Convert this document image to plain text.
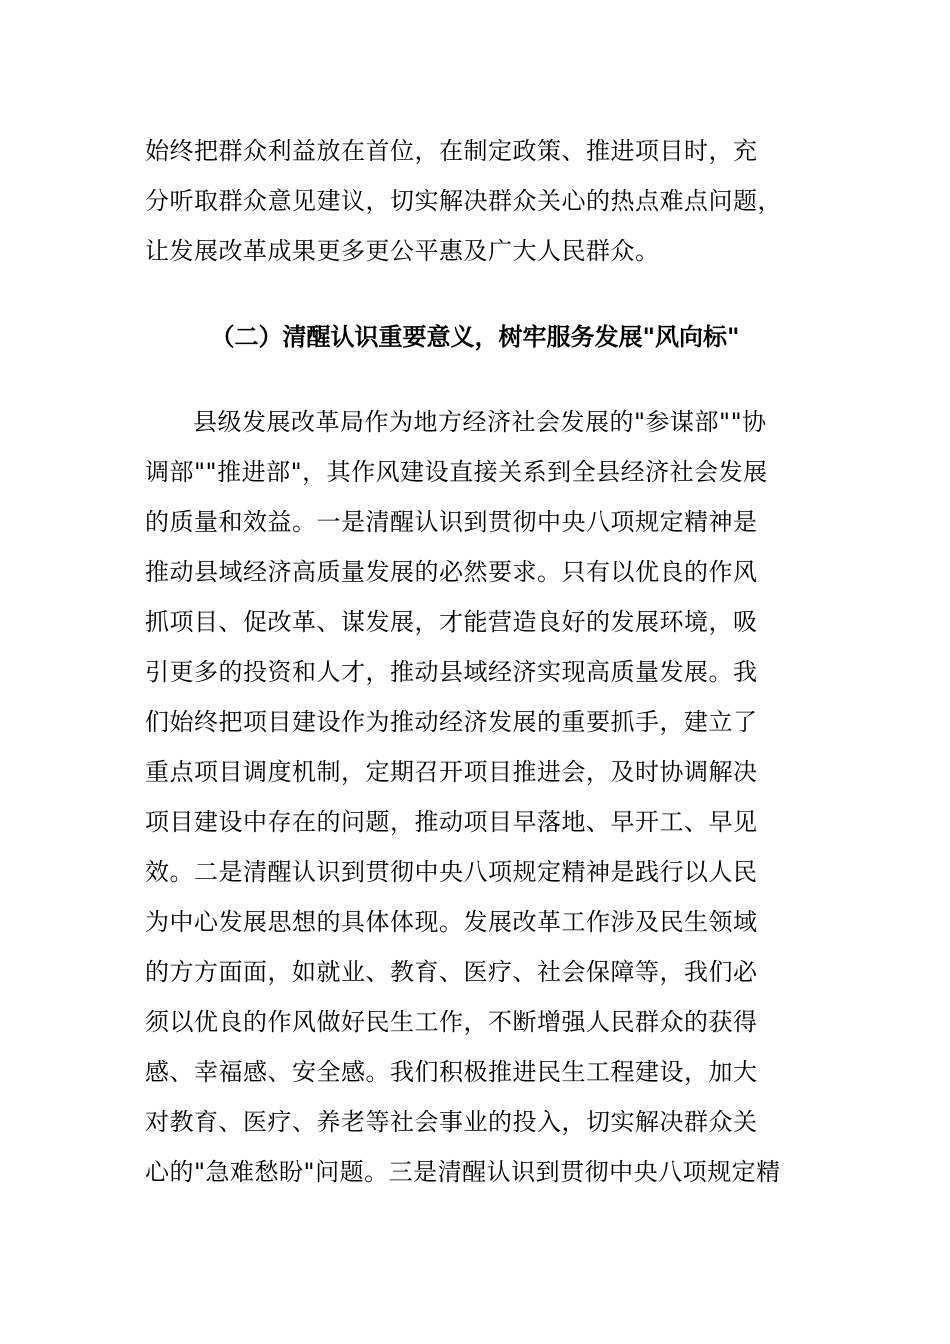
始终把群众利益放在首位，在制定政策、推进项目时，充
分听取群众意见建议，切实解决群众关心的热点难点问题，
让发展改革成果更多更公平惠及广大人民群众。
（二）清醒认识重要意义，树牢服务发展"风向标"
县级发展改革局作为地方经济社会发展的"参谋部""协
调部""推进部"，其作风建设直接关系到全县经济社会发展
的质量和效益。一是清醒认识到贯彻中央八项规定精神是
推动县域经济高质量发展的必然要求。只有以优良的作风
抓项目、促改革、谋发展，才能营造良好的发展环境，吸
引更多的投资和人才，推动县域经济实现高质量发展。我
们始终把项目建设作为推动经济发展的重要抓手，建立了
重点项目调度机制，定期召开项目推进会，及时协调解决
项目建设中存在的问题，推动项目早落地、早开工、早见
效。二是清醒认识到贯彻中央八项规定精神是践行以人民
为中心发展思想的具体体现。发展改革工作涉及民生领域
的方方面面，如就业、教育、医疗、社会保障等，我们必
须以优良的作风做好民生工作，不断增强人民群众的获得
感、幸福感、安全感。我们积极推进民生工程建设，加大
对教育、医疗、养老等社会事业的投入，切实解决群众关
心的"急难愁盼"问题。三是清醒认识到贯彻中央八项规定精
